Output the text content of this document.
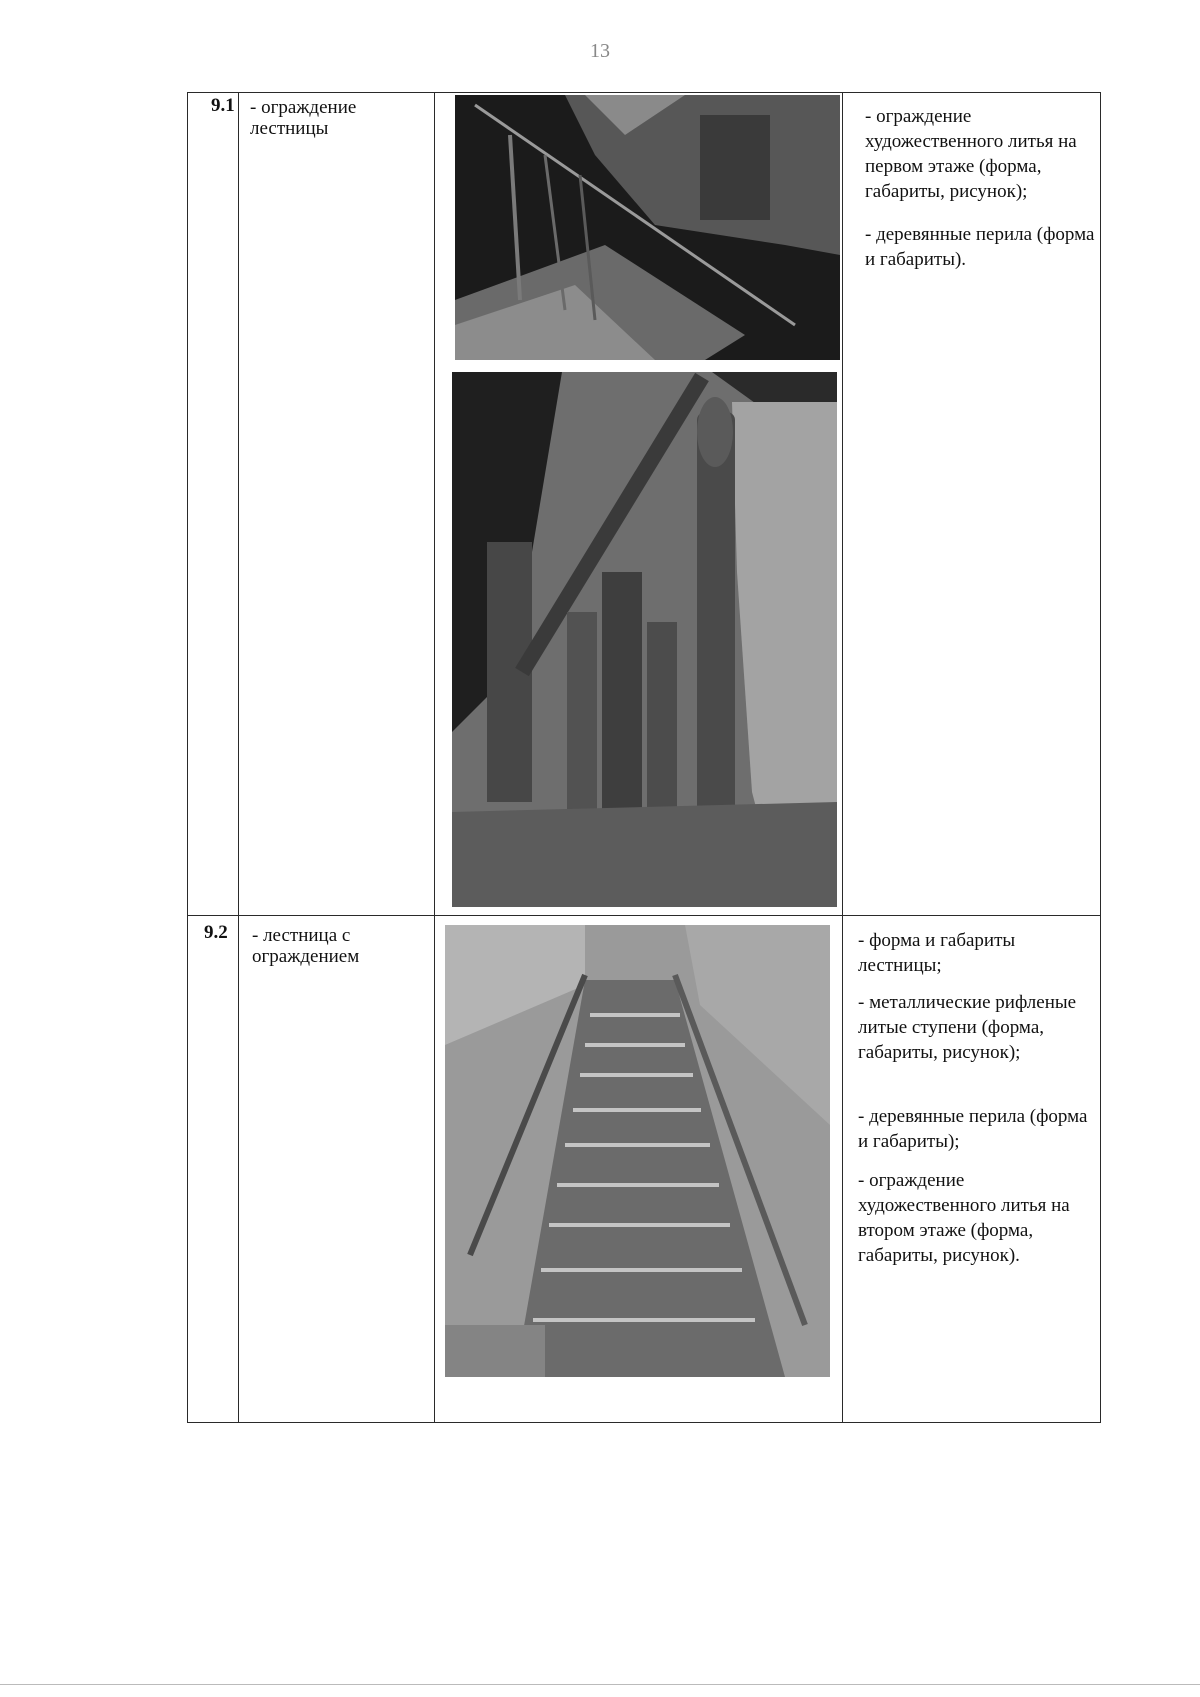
13
9.1 - ограждение лестницы
- ограждение художественного литья на первом этаже (форма, габариты, рисунок);
- деревянные перила (форма и габариты).
9.2 - лестница с ограждением
- форма и габариты лестницы;
- металлические рифленые литые ступени (форма, габариты, рисунок);
- деревянные перила (форма и габариты);
- ограждение художественного литья на втором этаже (форма, габариты, рисунок).
